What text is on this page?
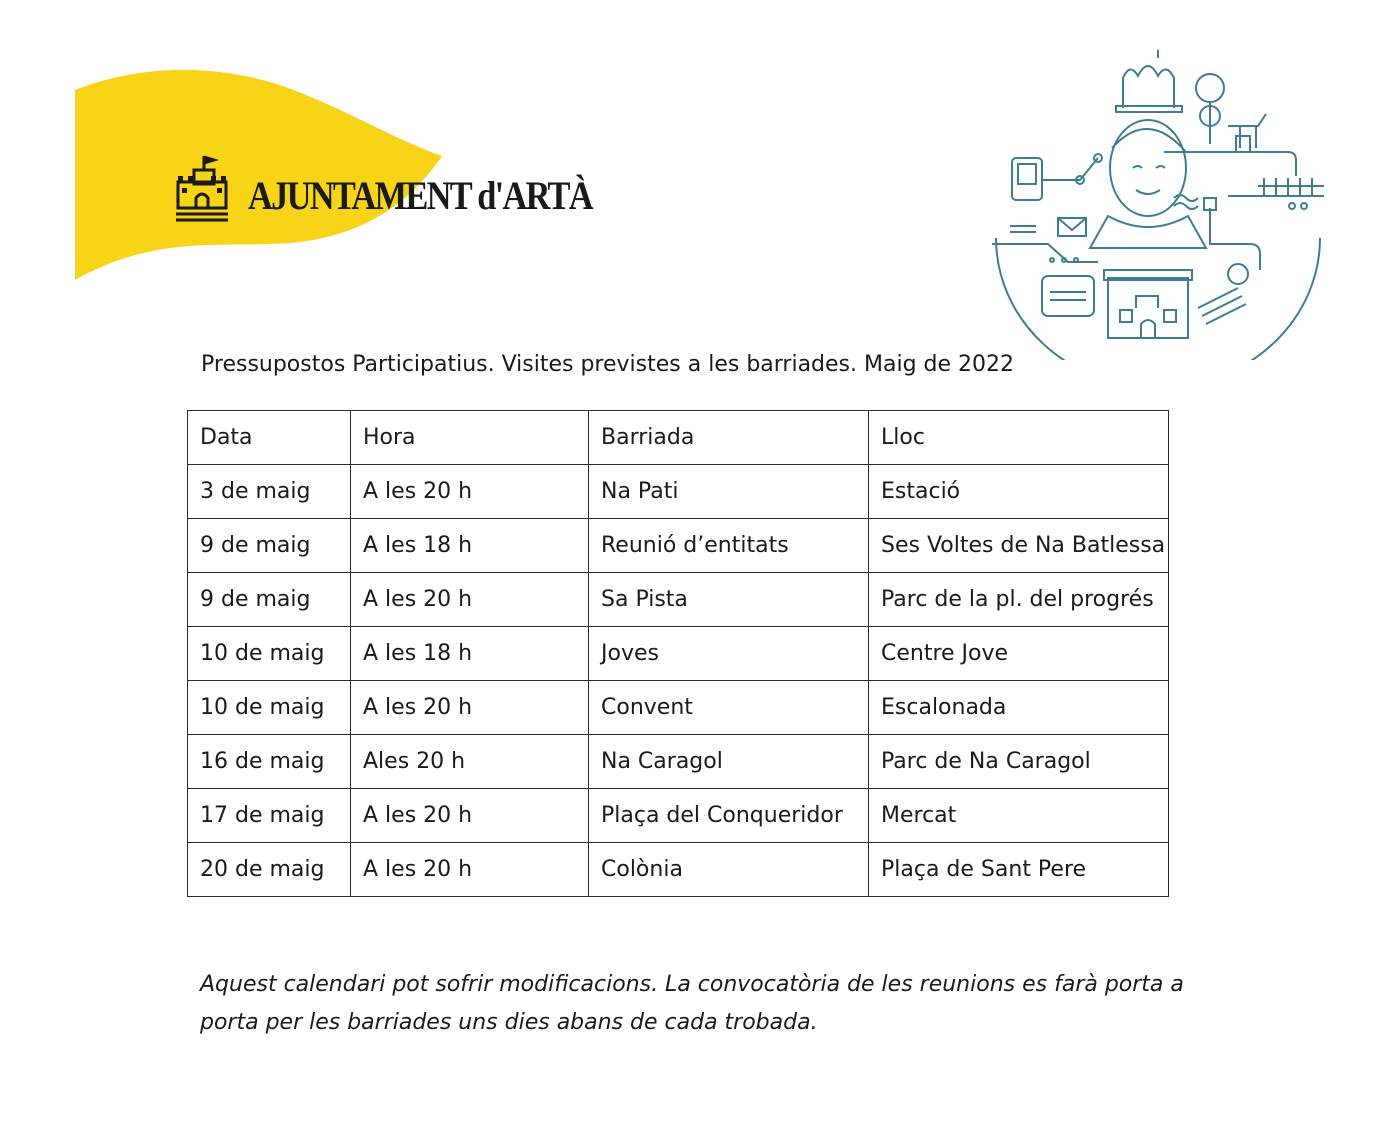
AJUNTAMENT d'ARTÀ
Pressupostos Participatius. Visites previstes a les barriades. Maig de 2022
Data	Hora	Barriada	Lloc
3 de maig	A les 20 h	Na Pati	Estació
9 de maig	A les 18 h	Reunió d’entitats	Ses Voltes de Na Batlessa
9 de maig	A les 20 h	Sa Pista	Parc de la pl. del progrés
10 de maig	A les 18 h	Joves	Centre Jove
10 de maig	A les 20 h	Convent	Escalonada
16 de maig	Ales 20 h	Na Caragol	Parc de Na Caragol
17 de maig	A les 20 h	Plaça del Conqueridor	Mercat
20 de maig	A les 20 h	Colònia	Plaça de Sant Pere
Aquest calendari pot sofrir modificacions. La convocatòria de les reunions es farà porta a porta per les barriades uns dies abans de cada trobada.
